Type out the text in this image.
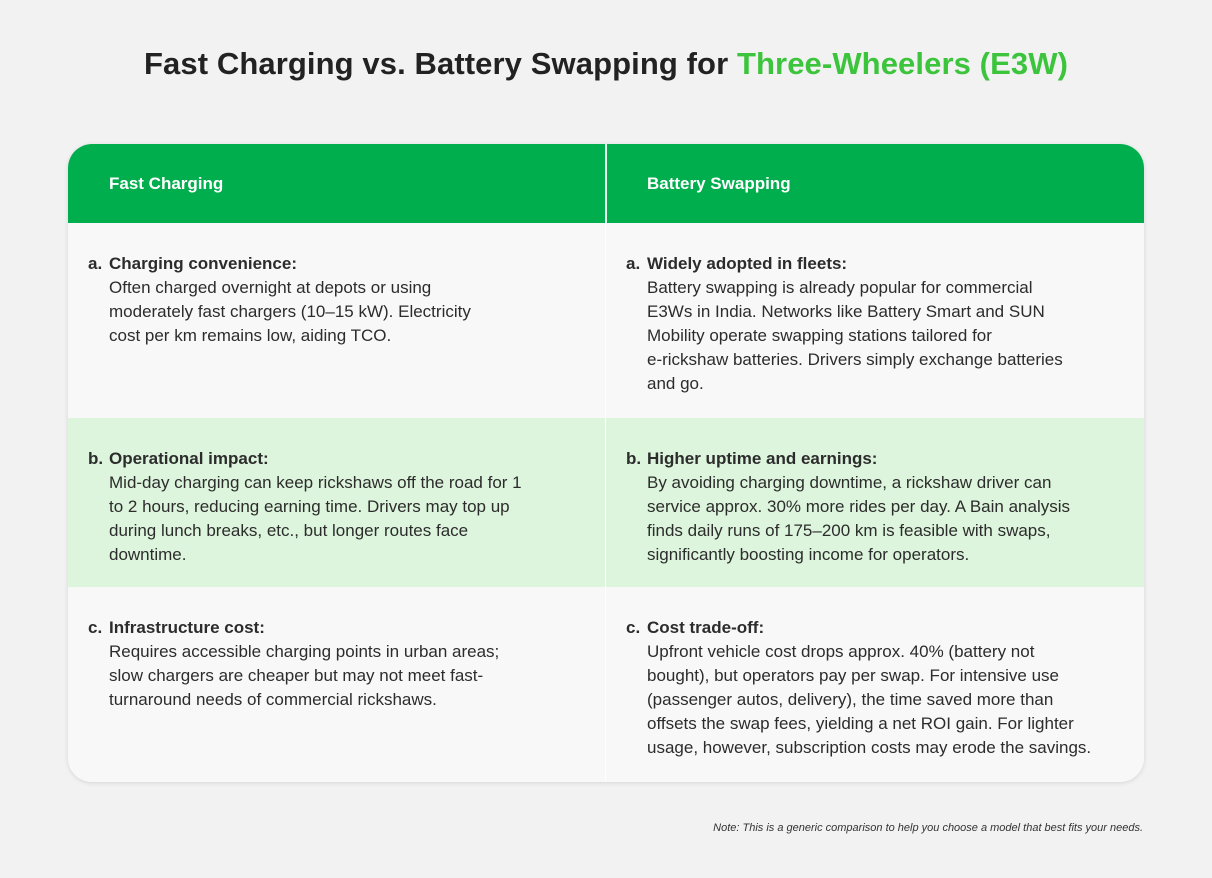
Fast Charging vs. Battery Swapping for Three-Wheelers (E3W)
Fast Charging	Battery Swapping
a. Charging convenience:
Often charged overnight at depots or using
moderately fast chargers (10–15 kW). Electricity
cost per km remains low, aiding TCO.
a. Widely adopted in fleets:
Battery swapping is already popular for commercial
E3Ws in India. Networks like Battery Smart and SUN
Mobility operate swapping stations tailored for
e-rickshaw batteries. Drivers simply exchange batteries
and go.
b. Operational impact:
Mid-day charging can keep rickshaws off the road for 1
to 2 hours, reducing earning time. Drivers may top up
during lunch breaks, etc., but longer routes face
downtime.
b. Higher uptime and earnings:
By avoiding charging downtime, a rickshaw driver can
service approx. 30% more rides per day. A Bain analysis
finds daily runs of 175–200 km is feasible with swaps,
significantly boosting income for operators.
c. Infrastructure cost:
Requires accessible charging points in urban areas;
slow chargers are cheaper but may not meet fast-
turnaround needs of commercial rickshaws.
c. Cost trade-off:
Upfront vehicle cost drops approx. 40% (battery not
bought), but operators pay per swap. For intensive use
(passenger autos, delivery), the time saved more than
offsets the swap fees, yielding a net ROI gain. For lighter
usage, however, subscription costs may erode the savings.
Note: This is a generic comparison to help you choose a model that best fits your needs.
